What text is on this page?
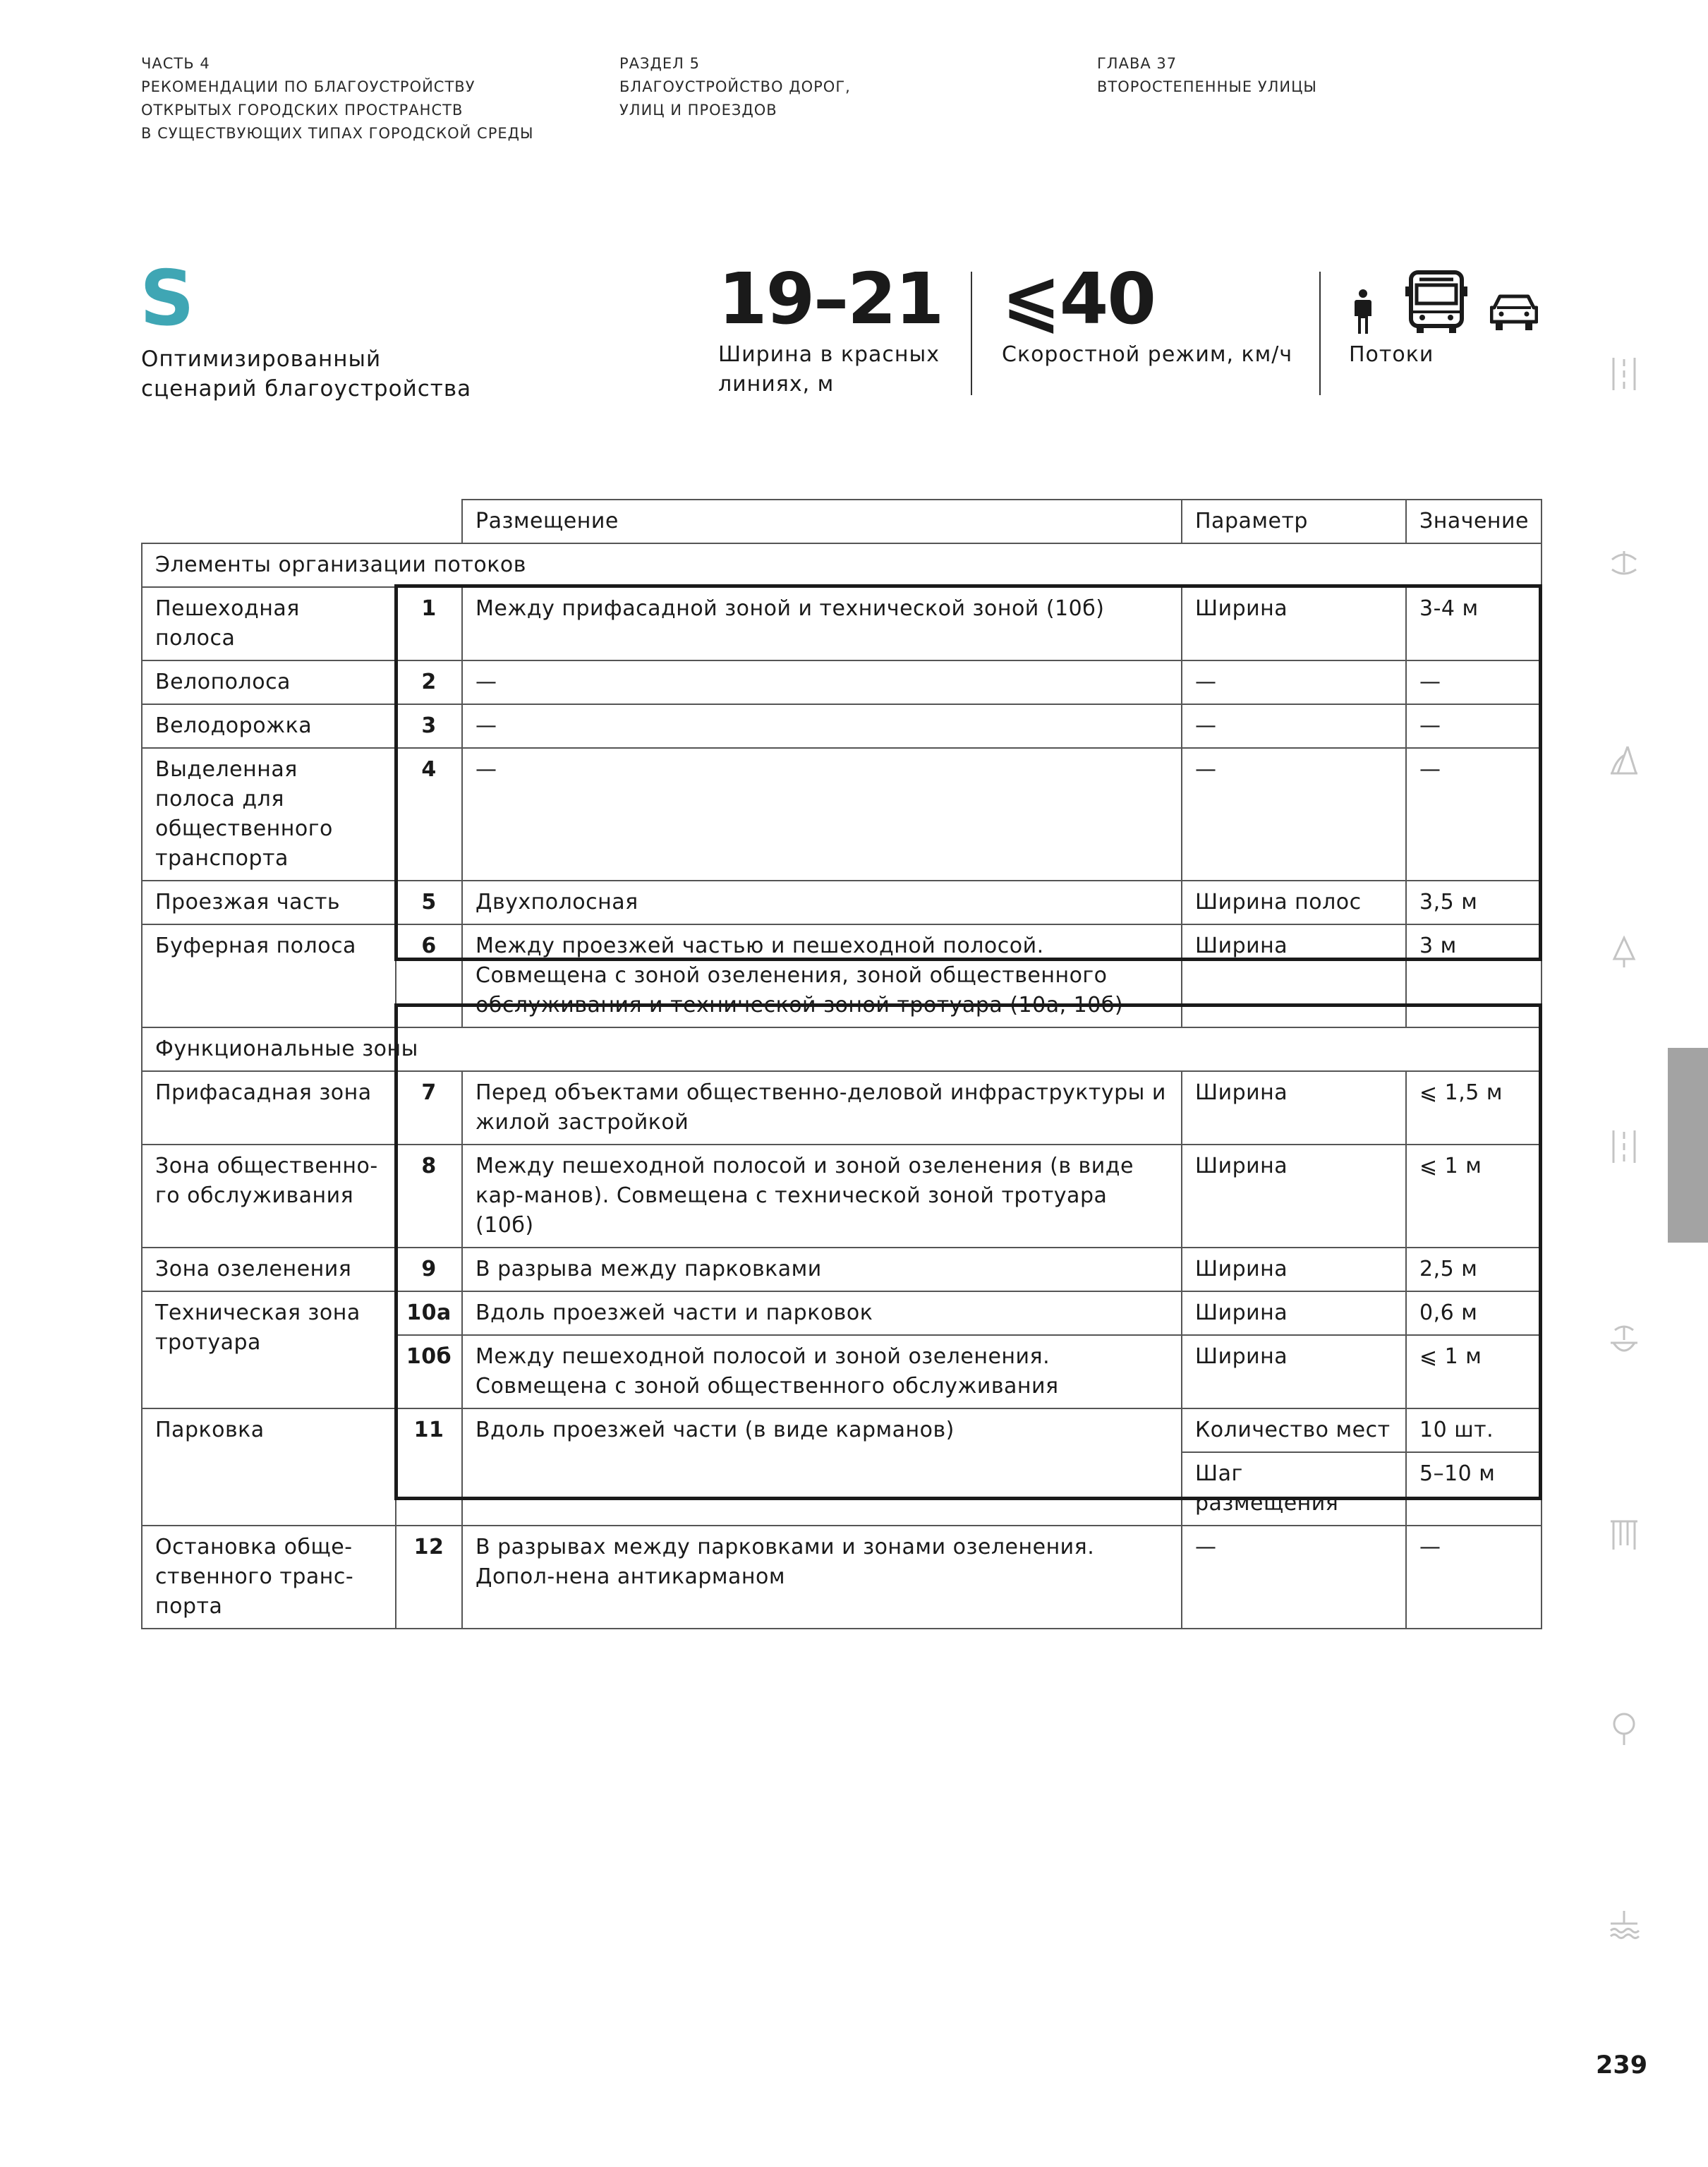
ЧАСТЬ 4
РЕКОМЕНДАЦИИ ПО БЛАГОУСТРОЙСТВУ
ОТКРЫТЫХ ГОРОДСКИХ ПРОСТРАНСТВ
В СУЩЕСТВУЮЩИХ ТИПАХ ГОРОДСКОЙ СРЕДЫ
РАЗДЕЛ 5
БЛАГОУСТРОЙСТВО ДОРОГ,
УЛИЦ И ПРОЕЗДОВ
ГЛАВА 37
ВТОРОСТЕПЕННЫЕ УЛИЦЫ
S
Оптимизированный
сценарий благоустройства
19–21
Ширина в красных
линиях, м
⩽40
Скоростной режим, км/ч	Потоки
		Размещение	Параметр	Значение
Элементы организации потоков				
Пешеходная полоса	1	Между прифасадной зоной и технической зоной (10б)	Ширина	3-4 м
Велополоса	2	—	—	—
Велодорожка	3	—	—	—
Выделенная полоса для общественного транспорта	4	—	—	—
Проезжая часть	5	Двухполосная	Ширина полос	3,5 м
Буферная полоса	6	Между проезжей частью и пешеходной полосой. Совмещена с зоной озеленения, зоной общественного обслуживания и технической зоной тротуара (10а, 10б)	Ширина	3 м
Функциональные зоны				
Прифасадная зона	7	Перед объектами общественно-деловой инфраструктуры и жилой застройкой	Ширина	⩽ 1,5 м
Зона общественно-го обслуживания	8	Между пешеходной полосой и зоной озеленения (в виде кар-манов). Совмещена с технической зоной тротуара (10б)	Ширина	⩽ 1 м
Зона озеленения	9	В разрыва между парковками	Ширина	2,5 м
Техническая зона тротуара	10а	Вдоль проезжей части и парковок	Ширина	0,6 м
	10б	Между пешеходной полосой и зоной озеленения. Совмещена с зоной общественного обслуживания	Ширина	⩽ 1 м
Парковка	11	Вдоль проезжей части (в виде карманов)	Количество мест	10 шт.
			Шаг размещения	5–10 м
Остановка обще-ственного транс-порта	12	В разрывах между парковками и зонами озеленения. Допол-нена антикарманом	—	—
239
